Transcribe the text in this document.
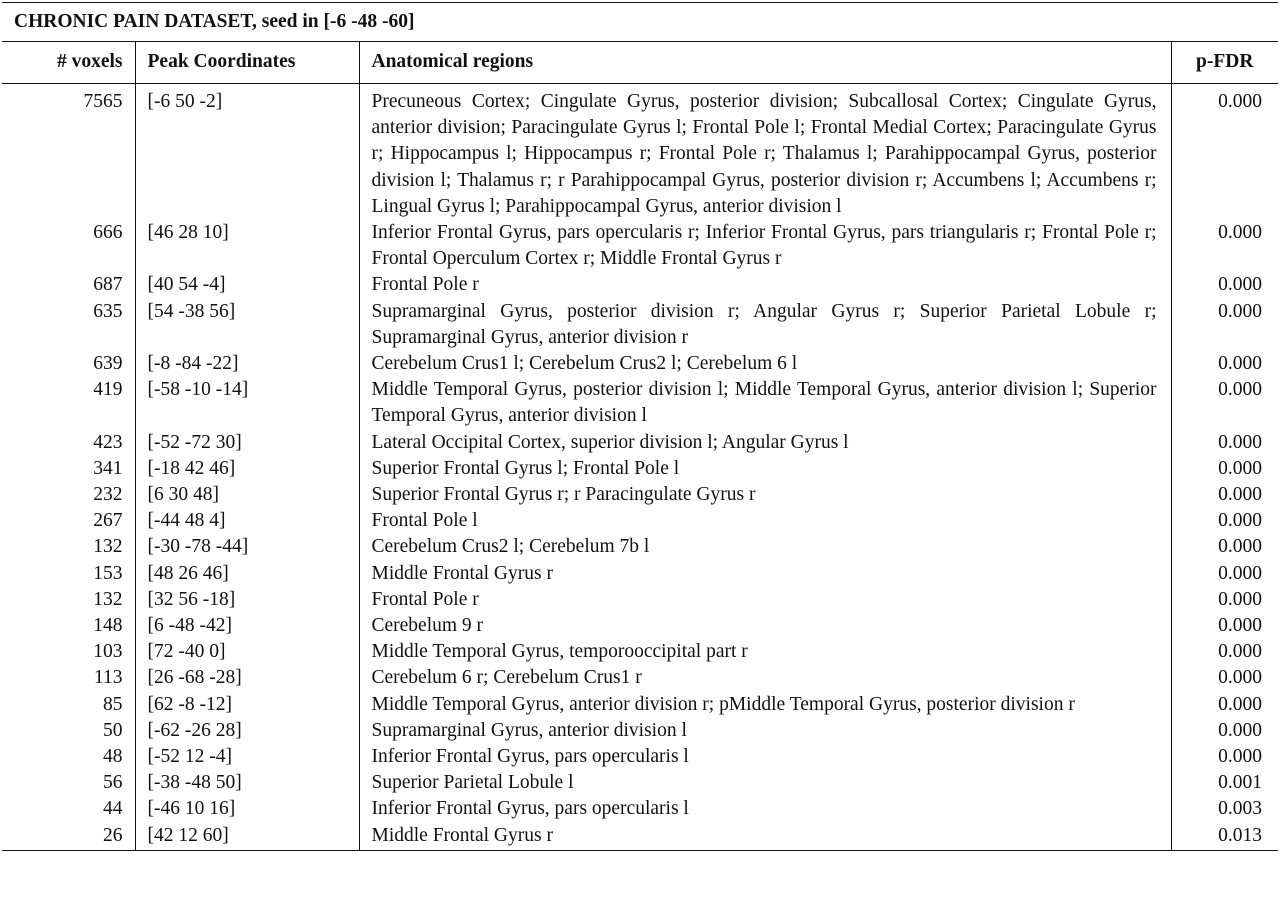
CHRONIC PAIN DATASET, seed in [-6 -48 -60]			
# voxels	Peak Coordinates	Anatomical regions	p-FDR
7565	[-6 50 -2]	Precuneous Cortex; Cingulate Gyrus, posterior division; Subcallosal Cortex; Cingulate Gyrus, anterior division; Paracingulate Gyrus l; Frontal Pole l; Frontal Medial Cortex; Paracingulate Gyrus r; Hippocampus l; Hippocampus r; Frontal Pole r; Thalamus l; Parahippocampal Gyrus, posterior division l; Thalamus r; r Parahippocampal Gyrus, posterior division r; Accumbens l; Accumbens r; Lingual Gyrus l; Parahippocampal Gyrus, anterior division l	0.000
666	[46 28 10]	Inferior Frontal Gyrus, pars opercularis r; Inferior Frontal Gyrus, pars triangularis r; Frontal Pole r; Frontal Operculum Cortex r; Middle Frontal Gyrus r	0.000
687	[40 54 -4]	Frontal Pole r	0.000
635	[54 -38 56]	Supramarginal Gyrus, posterior division r; Angular Gyrus r; Superior Parietal Lobule r; Supramarginal Gyrus, anterior division r	0.000
639	[-8 -84 -22]	Cerebelum Crus1 l; Cerebelum Crus2 l; Cerebelum 6 l	0.000
419	[-58 -10 -14]	Middle Temporal Gyrus, posterior division l; Middle Temporal Gyrus, anterior division l; Superior Temporal Gyrus, anterior division l	0.000
423	[-52 -72 30]	Lateral Occipital Cortex, superior division l; Angular Gyrus l	0.000
341	[-18 42 46]	Superior Frontal Gyrus l; Frontal Pole l	0.000
232	[6 30 48]	Superior Frontal Gyrus r; r Paracingulate Gyrus r	0.000
267	[-44 48 4]	Frontal Pole l	0.000
132	[-30 -78 -44]	Cerebelum Crus2 l; Cerebelum 7b l	0.000
153	[48 26 46]	Middle Frontal Gyrus r	0.000
132	[32 56 -18]	Frontal Pole r	0.000
148	[6 -48 -42]	Cerebelum 9 r	0.000
103	[72 -40 0]	Middle Temporal Gyrus, temporooccipital part r	0.000
113	[26 -68 -28]	Cerebelum 6 r; Cerebelum Crus1 r	0.000
85	[62 -8 -12]	Middle Temporal Gyrus, anterior division r; pMiddle Temporal Gyrus, posterior division r	0.000
50	[-62 -26 28]	Supramarginal Gyrus, anterior division l	0.000
48	[-52 12 -4]	Inferior Frontal Gyrus, pars opercularis l	0.000
56	[-38 -48 50]	Superior Parietal Lobule l	0.001
44	[-46 10 16]	Inferior Frontal Gyrus, pars opercularis l	0.003
26	[42 12 60]	Middle Frontal Gyrus r	0.013
